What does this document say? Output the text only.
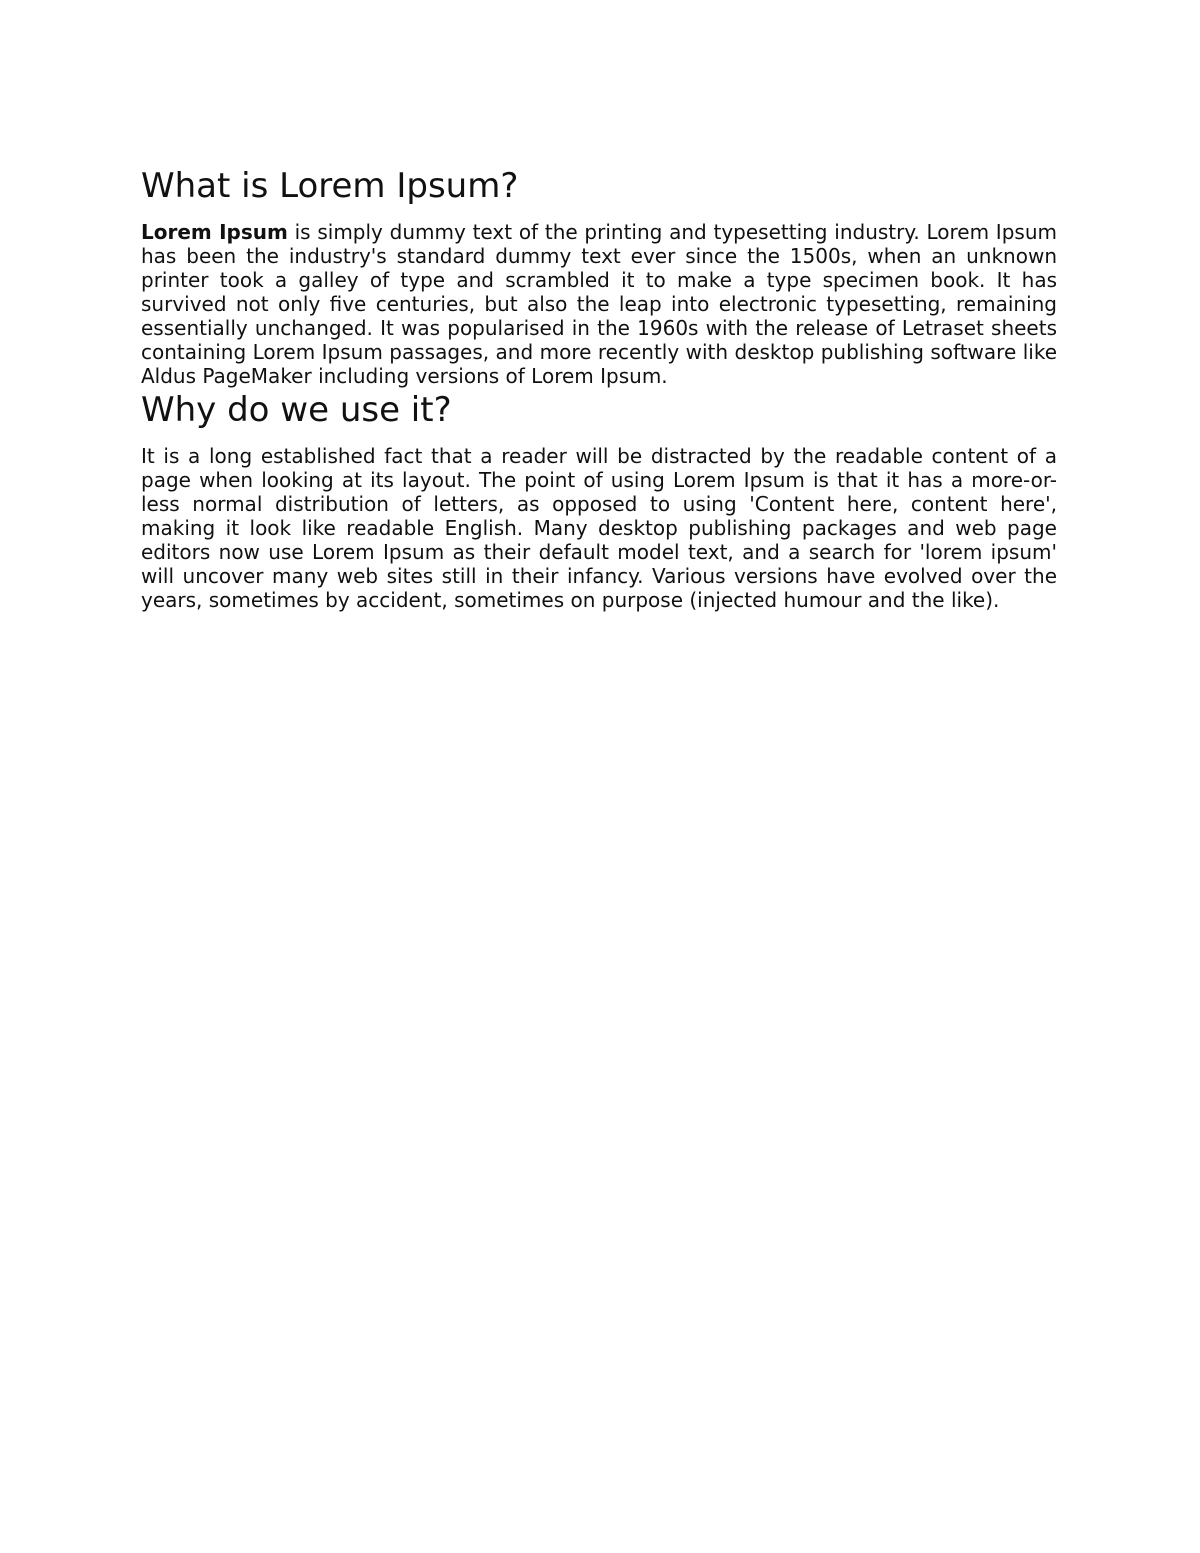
What is Lorem Ipsum?

Lorem Ipsum is simply dummy text of the printing and typesetting industry. Lorem Ipsum has been the industry's standard dummy text ever since the 1500s, when an unknown printer took a galley of type and scrambled it to make a type specimen book. It has survived not only five centuries, but also the leap into electronic typesetting, remaining essentially unchanged. It was popularised in the 1960s with the release of Letraset sheets containing Lorem Ipsum passages, and more recently with desktop publishing software like Aldus PageMaker including versions of Lorem Ipsum.

Why do we use it?

It is a long established fact that a reader will be distracted by the readable content of a page when looking at its layout. The point of using Lorem Ipsum is that it has a more-or-less normal distribution of letters, as opposed to using 'Content here, content here', making it look like readable English. Many desktop publishing packages and web page editors now use Lorem Ipsum as their default model text, and a search for 'lorem ipsum' will uncover many web sites still in their infancy. Various versions have evolved over the years, sometimes by accident, sometimes on purpose (injected humour and the like).
